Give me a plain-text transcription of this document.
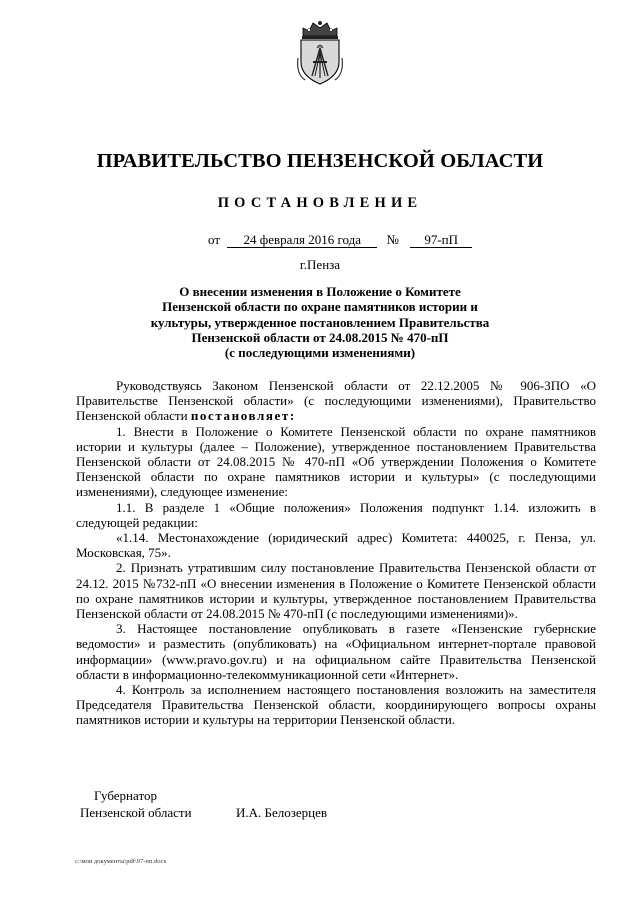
ПРАВИТЕЛЬСТВО ПЕНЗЕНСКОЙ ОБЛАСТИ
ПОСТАНОВЛЕНИЕ
от 24 февраля 2016 года № 97-пП
г.Пенза
О внесении изменения в Положение о Комитете
Пензенской области по охране памятников истории и
культуры, утвержденное постановлением Правительства
Пензенской области от 24.08.2015 № 470-пП
(с последующими изменениями)

Руководствуясь Законом Пензенской области от 22.12.2005 № 906-ЗПО «О Правительстве Пензенской области» (с последующими изменениями), Правительство Пензенской области постановляет:

1. Внести в Положение о Комитете Пензенской области по охране памятников истории и культуры (далее – Положение), утвержденное постановлением Правительства Пензенской области от 24.08.2015 № 470-пП «Об утверждении Положения о Комитете Пензенской области по охране памятников истории и культуры» (с последующими изменениями), следующее изменение:

1.1. В разделе 1 «Общие положения» Положения подпункт 1.14. изложить в следующей редакции:

«1.14. Местонахождение (юридический адрес) Комитета: 440025, г. Пенза, ул. Московская, 75».

2. Признать утратившим силу постановление Правительства Пензенской области от 24.12. 2015 №732-пП «О внесении изменения в Положение о Комитете Пензенской области по охране памятников истории и культуры, утвержденное постановлением Правительства Пензенской области от 24.08.2015 № 470-пП (с последующими изменениями)».

3. Настоящее постановление опубликовать в газете «Пензенские губернские ведомости» и разместить (опубликовать) на «Официальном интернет-портале правовой информации» (www.pravo.gov.ru) и на официальном сайте Правительства Пензенской области в информационно-телекоммуникационной сети «Интернет».

4. Контроль за исполнением настоящего постановления возложить на заместителя Председателя Правительства Пензенской области, координирующего вопросы охраны памятников истории и культуры на территории Пензенской области.

Губернатор
Пензенской области	И.А. Белозерцев
c:\мои документы\pdf\97-пп.docx
